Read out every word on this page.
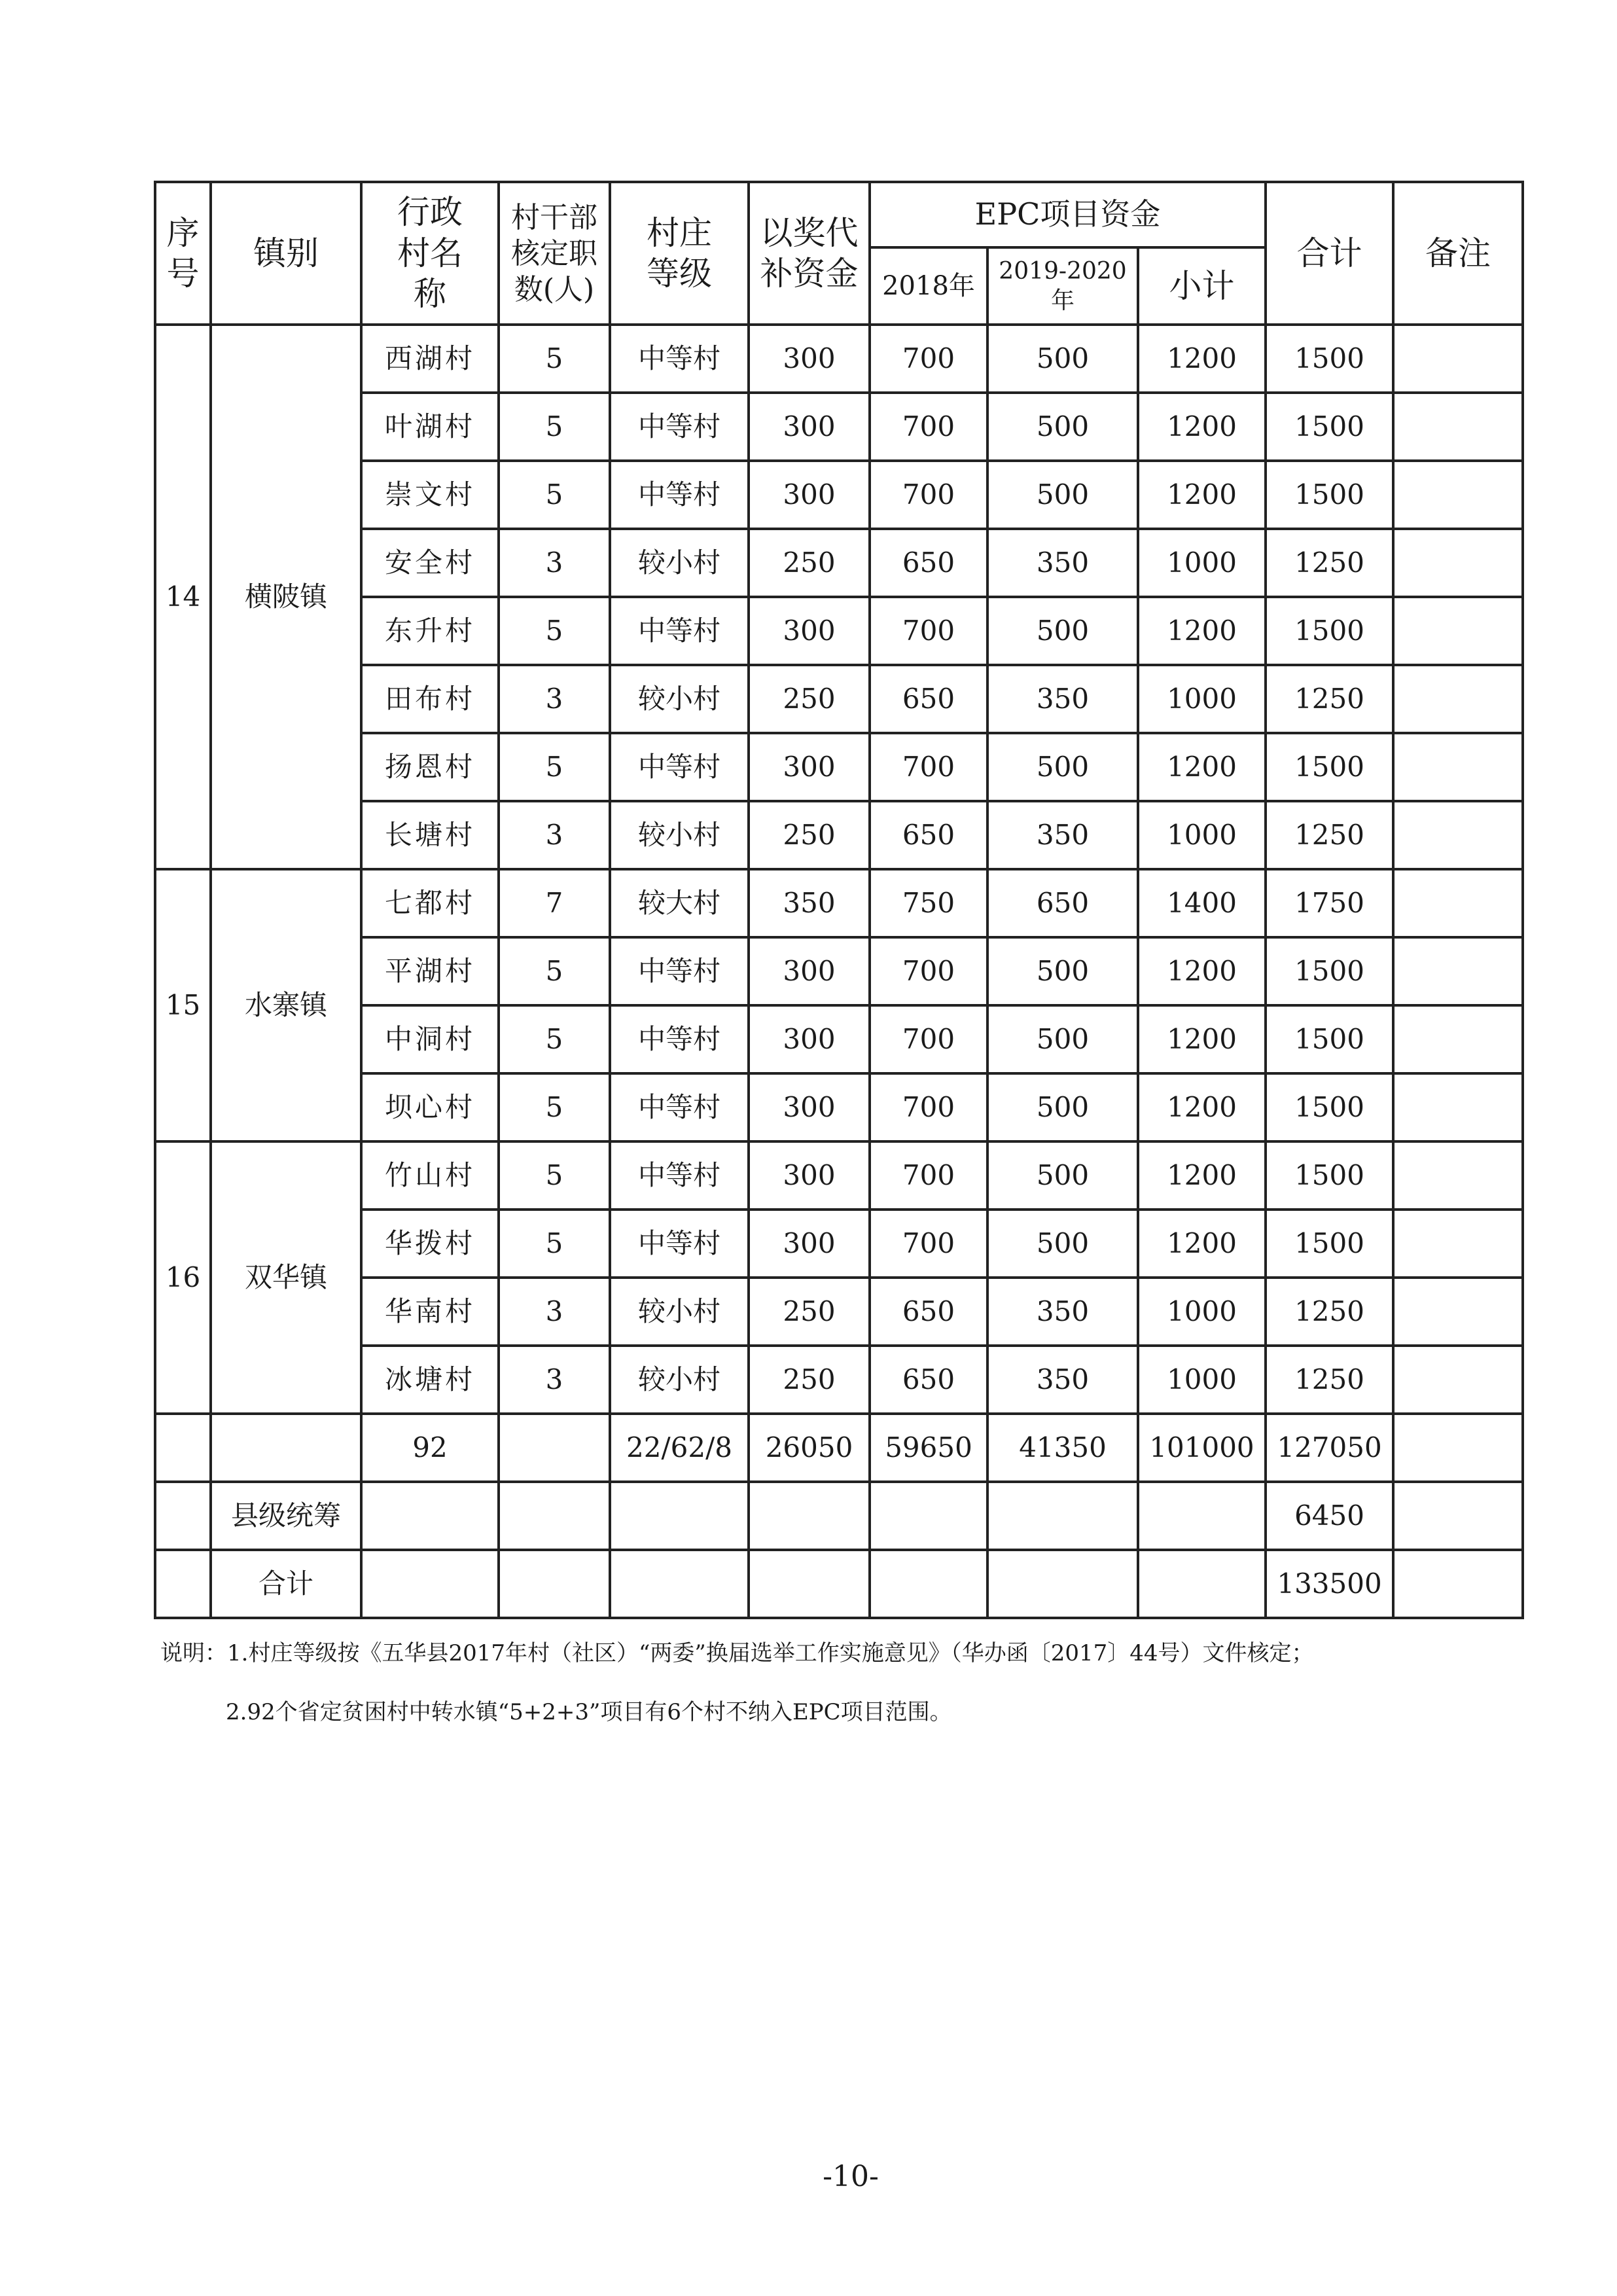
序号	镇别	行政村名称	村干部核定职数(人)	村庄等级	以奖代补资金	EPC项目资金			合计	备注
						2018年	2019-2020年	小计		
14	横陂镇	西湖村	5	中等村	300	700	500	1200	1500	
		叶湖村	5	中等村	300	700	500	1200	1500	
		崇文村	5	中等村	300	700	500	1200	1500	
		安全村	3	较小村	250	650	350	1000	1250	
		东升村	5	中等村	300	700	500	1200	1500	
		田布村	3	较小村	250	650	350	1000	1250	
		扬恩村	5	中等村	300	700	500	1200	1500	
		长塘村	3	较小村	250	650	350	1000	1250	
15	水寨镇	七都村	7	较大村	350	750	650	1400	1750	
		平湖村	5	中等村	300	700	500	1200	1500	
		中洞村	5	中等村	300	700	500	1200	1500	
		坝心村	5	中等村	300	700	500	1200	1500	
16	双华镇	竹山村	5	中等村	300	700	500	1200	1500	
		华拨村	5	中等村	300	700	500	1200	1500	
		华南村	3	较小村	250	650	350	1000	1250	
		冰塘村	3	较小村	250	650	350	1000	1250	
		92		22/62/8	26050	59650	41350	101000	127050	
	县级统筹								6450	
	合计								133500	
说明：1.村庄等级按《五华县2017年村（社区）“两委”换届选举工作实施意见》（华办函〔2017〕44号）文件核定；
2.92个省定贫困村中转水镇“5+2+3”项目有6个村不纳入EPC项目范围。
-10-
